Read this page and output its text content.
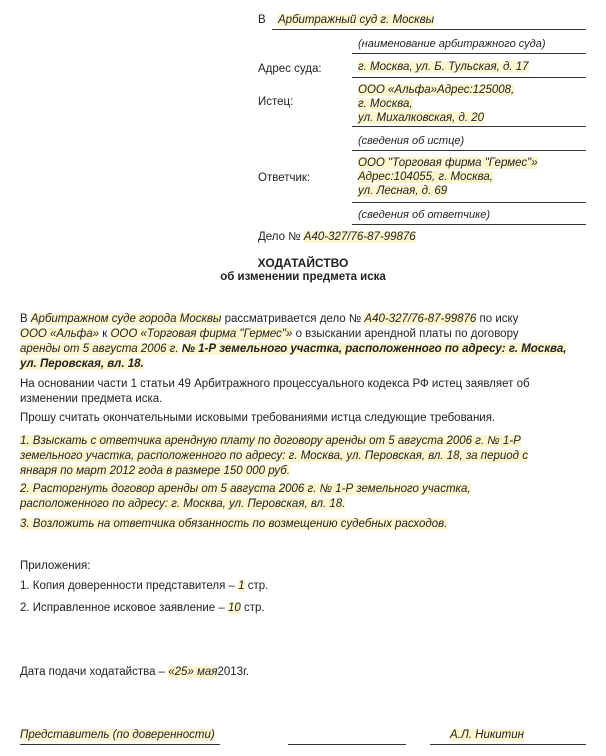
В Арбитражный суд г. Москвы
(наименование арбитражного суда)
Адрес суда:	г. Москва, ул. Б. Тульская, д. 17
Истец:
ООО «Альфа»Адрес:125008,
г. Москва,
ул. Михалковская, д. 20
(сведения об истце)
Ответчик:
ООО "Торговая фирма "Гермес"»
Адрес:104055, г. Москва,
ул. Лесная, д. 69
(сведения об ответчике)
Дело № А40-327/76-87-99876
ХОДАТАЙСТВО
об изменении предмета иска
В Арбитражном суде города Москвы рассматривается дело № А40-327/76-87-99876 по иску
ООО «Альфа» к ООО «Торговая фирма "Гермес"» о взыскании арендной платы по договору
аренды от 5 августа 2006 г. № 1-Р земельного участка, расположенного по адресу: г. Москва,
ул. Перовская, вл. 18.
На основании части 1 статьи 49 Арбитражного процессуального кодекса РФ истец заявляет об
изменении предмета иска.
Прошу считать окончательными исковыми требованиями истца следующие требования.
1. Взыскать с ответчика арендную плату по договору аренды от 5 августа 2006 г. № 1-Р
земельного участка, расположенного по адресу: г. Москва, ул. Перовская, вл. 18, за период с
января по март 2012 года в размере 150 000 руб.
2. Расторгнуть договор аренды от 5 августа 2006 г. № 1-Р земельного участка,
расположенного по адресу: г. Москва, ул. Перовская, вл. 18.
3. Возложить на ответчика обязанность по возмещению судебных расходов.
Приложения:
1. Копия доверенности представителя – 1 стр.
2. Исправленное исковое заявление – 10 стр.
Дата подачи ходатайства – «25» мая2013г.
Представитель (по доверенности)	А.Л. Никитин
